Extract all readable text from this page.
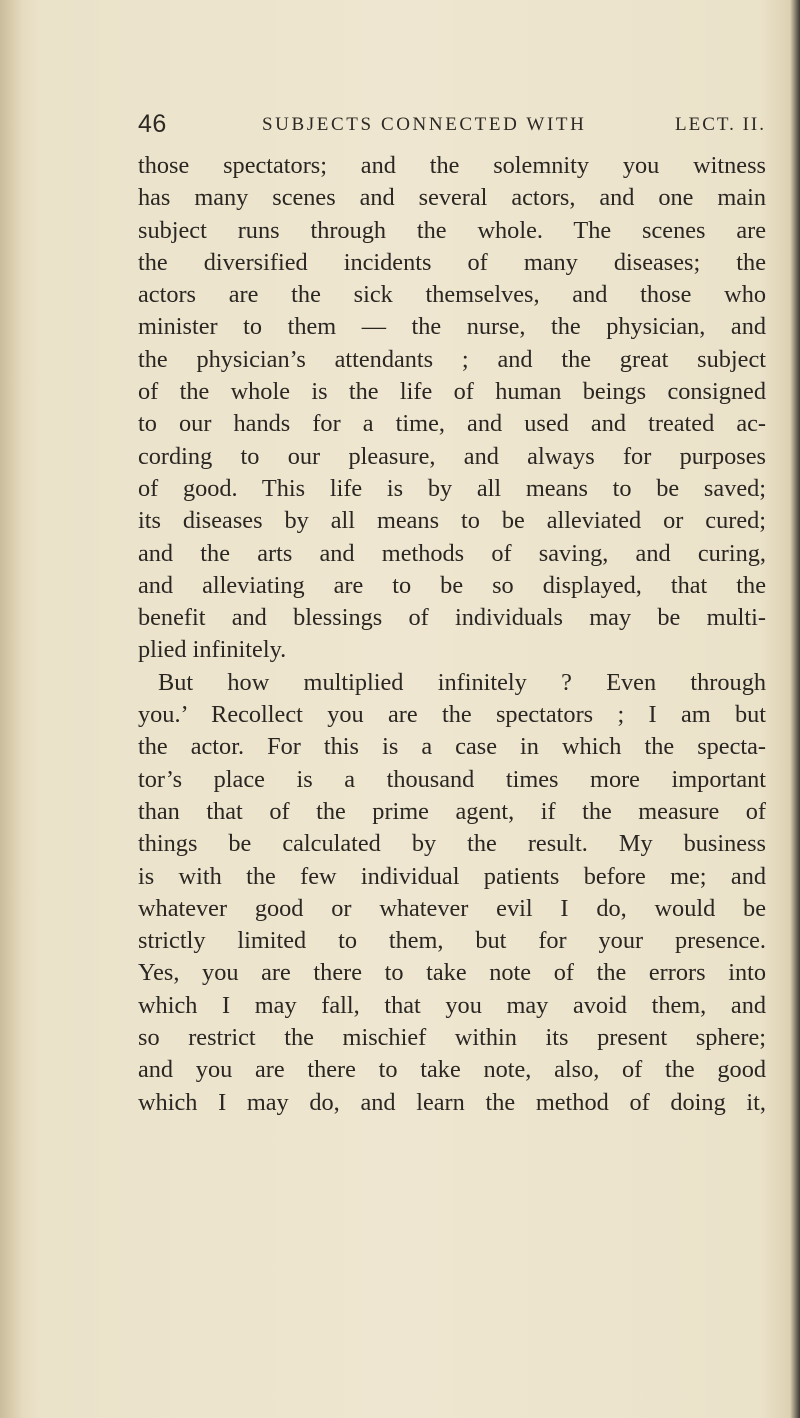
46	SUBJECTS CONNECTED WITH	LECT. II.
those spectators; and the solemnity you witness
has many scenes and several actors, and one main
subject runs through the whole. The scenes are
the diversified incidents of many diseases; the
actors are the sick themselves, and those who
minister to them — the nurse, the physician, and
the physician’s attendants ; and the great subject
of the whole is the life of human beings consigned
to our hands for a time, and used and treated ac-
cording to our pleasure, and always for purposes
of good. This life is by all means to be saved;
its diseases by all means to be alleviated or cured;
and the arts and methods of saving, and curing,
and alleviating are to be so displayed, that the
benefit and blessings of individuals may be multi-
plied infinitely.
But how multiplied infinitely ? Even through
you.’ Recollect you are the spectators ; I am but
the actor. For this is a case in which the specta-
tor’s place is a thousand times more important
than that of the prime agent, if the measure of
things be calculated by the result. My business
is with the few individual patients before me; and
whatever good or whatever evil I do, would be
strictly limited to them, but for your presence.
Yes, you are there to take note of the errors into
which I may fall, that you may avoid them, and
so restrict the mischief within its present sphere;
and you are there to take note, also, of the good
which I may do, and learn the method of doing it,
